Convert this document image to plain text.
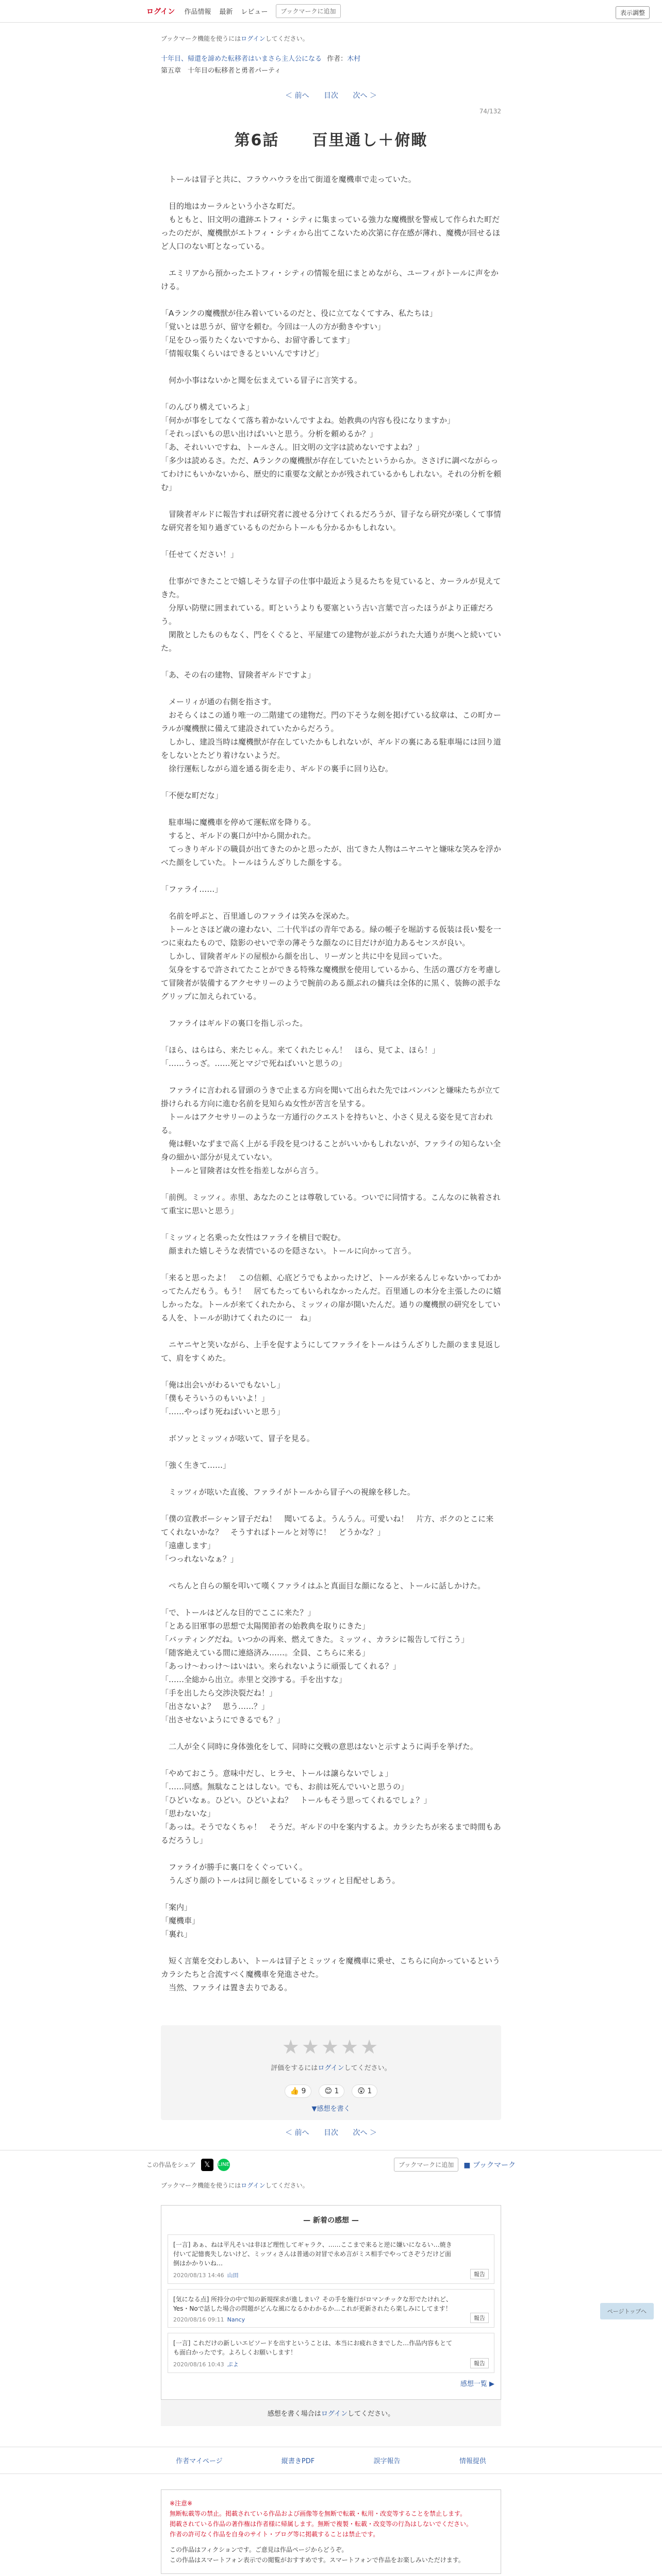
ログイン 作品情報 最新 レビュー	ブックマークに追加	表示調整
ブックマーク機能を使うにはログインしてください。
十年目、帰還を諦めた転移者はいまさら主人公になる 作者：木村
第五章　十年目の転移者と勇者パーティ
＜ 前へ 目次 次へ ＞
74/132
第6話　　百里通し＋俯瞰

　トールは冒子と共に、フラウハウラを出て街道を魔機車で走っていた。

　目的地はカーラルという小さな町だ。

　もともと、旧文明の遺跡エトフィ・シティに集まっている強力な魔機獣を警戒して作られた町だったのだが、魔機獣がエトフィ・シティから出てこないため次第に存在感が薄れ、魔機が回せるほど人口のない町となっている。

　エミリアから預かったエトフィ・シティの情報を紐にまとめながら、ユーフィがトールに声をかける。

「Aランクの魔機獣が住み着いているのだと、役に立てなくてすみ、私たちは」

「覚いとは思うが、留守を頼む。今回は一人の方が動きやすい」

「足をひっ張りたくないですから、お留守番してます」

「情報収集くらいはできるといいんですけど」

　何か小事はないかと聞を伝まえている冒子に言笑する。

「のんびり構えていろよ」

「何かが事をしてなくて落ち着かないんですよね。始教典の内容も役になりますか」

「それっぽいもの思い出けばいいと思う。分析を頼めるか？」

「あ、それいいですね、トールさん。旧文明の文字は読めないですよね？」

「多少は読めるさ。ただ、Aランクの魔機獣が存在していたというからか。ささげに調べながらってわけにもいかないから、歴史的に重要な文献とかが残されているかもしれない。それの分析を頼む」

　冒険者ギルドに報告すれば研究者に渡せる分けてくれるだろうが、冒子なら研究が楽しくて事情な研究者を知り過ぎているものだからトールも分かるかもしれない。

「任せてください！」

　仕事ができたことで嬉しそうな冒子の仕事中最近よう見るたちを見ていると、カーラルが見えてきた。

　分厚い防壁に囲まれている。町というよりも要塞という古い言葉で言ったほうがより正確だろう。

　閑散としたものもなく、門をくぐると、平屋建ての建物が並ぶがうれた大通りが奥へと続いていた。

「あ、その右の建物、冒険者ギルドですよ」

　メーリィが通の右側を指さす。

　おそらくはこの通り唯一の二階建ての建物だ。門の下そうな剣を掲げている紋章は、この町カーラルが魔機獣に備えて建設されていたからだろう。

　しかし、建設当時は魔機獣が存在していたかもしれないが、ギルドの裏にある駐車場には回り道をしないとたどり着けないようだ。

　徐行運転しながら道を通る街を走り、ギルドの裏手に回り込む。

「不便な町だな」

　駐車場に魔機車を停めて運転席を降りる。

　すると、ギルドの裏口が中から開かれた。

　てっきりギルドの職員が出てきたのかと思ったが、出てきた人物はニヤニヤと嫌味な笑みを浮かべた顔をしていた。トールはうんざりした顔をする。

「ファライ……」

　名前を呼ぶと、百里通しのファライは笑みを深めた。

　トールとさほど歳の違わない、二十代半ばの青年である。緑の帳子を堀訪する仮装は長い髪を一つに束ねたもので、陰影のせいで幸の薄そうな顔なのに目だけが迫力あるセンスが良い。

　しかし、冒険者ギルドの屋根から顔を出し、リーガンと共に中を見回っていた。

　気身をするで許されてたことができる特殊な魔機獣を使用しているから、生活の選び方を考慮して冒険者が装備するアクセサリーのようで腕前のある顔ぶれの傭兵は全体的に黒く、装飾の派手なグリップに加えられている。

　ファライはギルドの裏口を指し示った。

「ほら、はらはら、来たじゃん。来てくれたじゃん！　ほら、見てよ、ほら！」

「……うっざ。……死とマジで死ねばいいと思うの」

　ファライに言われる冒頭のうきで止まる方向を聞いて出られた先ではバンバンと嫌味たちが立て掛けられる方向に進む名前を見知らぬ女性が苦言を呈する。

　トールはアクセサリーのような一方通行のクエストを持ちいと、小さく見える姿を見て言われる。

　俺は軽いなずまで高く上がる手段を見つけることがいいかもしれないが、ファライの知らない全身の細かい部分が見えていない。

　トールと冒険者は女性を指差しながら言う。

「前例。ミッツィ。赤里、あなたのことは尊敬している。ついでに同情する。こんなのに執着されて重宝に思いと思う」

「ミッツィと名乗った女性はファライを横目で睨む。

　顔まれた嬉しそうな表情でいるのを隠さない。トールに向かって言う。

「来ると思ったよ！　この信頼、心底どうでもよかったけど、トールが来るんじゃないかってわかってたんだもう。もう！　居てもたってもいられなかったんだ。百里通しの本分を主張したのに嬉しかったな。トールが来てくれたから、ミッツィの扉が開いたんだ。通りの魔機獣の研究をしている人を、トールが助けてくれたのに一　ね」

　ニヤニヤと笑いながら、上手を促すようにしてファライをトールはうんざりした顔のまま見返して、肩をすくめた。

「俺は出会いがわるいでもないし」

「僕もそういうのもいいよ！」

「……やっぱり死ねばいいと思う」

　ボソッとミッツィが呟いて、冒子を見る。

「強く生きて……」

　ミッツィが呟いた直後、ファライがトールから冒子への視線を移した。

「僕の宣教ボーシャン冒子だね！　聞いてるよ。うんうん。可愛いね！　片方、ボクのとこに来てくれないかな？　そうすればトールと対等に！　どうかな？」

「遠慮します」

「つっれないなぁ？」

　ぺちんと自らの額を叩いて嘆くファライはふと真面目な顔になると、トールに話しかけた。

「で、トールはどんな目的でここに来た？」

「とある旧軍事の思想で太陽関節者の始教典を取りにきた」

「バッティングだね。いつかの再来、燃えてきた。ミッツィ、カラシに報告して行こう」

「随客絶えている間に連絡済み……。全員、こちらに来る」

「あっけ～わっけ～はいはい。来られないように頑張してくれる？」

「……全総から出立。赤里と交渉する。手を出すな」

「手を出したら交渉決裂だね！」

「出さないよ？　思う……？」

「出させないようにできるでも？」

　二人が全く同時に身体強化をして、同時に交戦の意思はないと示すように両手を挙げた。

「やめておこう。意味中だし、ヒラセ、トールは譲らないでしょ」

「……同感。無駄なことはしない。でも、お前は死んでいいと思うの」

「ひどいなぁ。ひどい。ひどいよね？　トールもそう思ってくれるでしょ？」

「思わないな」

「あっは。そうでなくちゃ！　そうだ。ギルドの中を案内するよ。カラシたちが来るまで時間もあるだろうし」

　ファライが勝手に裏口をくぐっていく。

　うんざり顔のトールは同じ顔をしているミッツィと目配せしあう。

「案内」

「魔機車」

「裏れ」

　短く言葉を交わしあい、トールは冒子とミッツィを魔機車に乗せ、こちらに向かっているというカラシたちと合流すべく魔機車を発進させた。

　当然、ファライは置き去りである。

★★★★★
評価をするにはログインしてください。
👍 9	😊 1	😲 1
▼感想を書く
＜ 前へ 目次 次へ ＞
この作品をシェア	𝕏	LINE	ブックマークに追加	■ ブックマーク
ブックマーク機能を使うにはログインしてください。
— 新着の感想 —
[一言] あぁ、ねは平凡そいは非ほど理性してギャラク、……ここまで来ると逆に嫌いになるい…焼き付いて記憶喪失しないけど、ミッツィさんは普通の対冒で永め言がミス相手でやってさぞうだけど面倒はかかりいね…
2020/08/13 14:46 山田	報告
[気になる点] 所持分の中で知の新規探求が進しまい？その手を施行がロマンチックな形でたけれど、Yes・Noで話した場合の問題がどんな風になるかわかるか…これが更新されたら楽しみにしてます！
2020/08/16 09:11 Nancy	報告
[一言] これだけの新しいエピソードを出すということは、本当にお疲れさまでした…作品内容もとても面白かったです。よろしくお願いします！
2020/08/16 10:43 ぷよ	報告
感想一覧 ▶
感想を書く場合はログインしてください。
作者マイページ	縦書きPDF	誤字報告	情報提供
※注意※
無断転載等の禁止。掲載されている作品および画像等を無断で転載・転用・改変等することを禁止します。
掲載されている作品の著作権は作者様に帰属します。無断で複製・転載・改変等の行為はしないでください。
作者の許可なく作品を自身のサイト・ブログ等に掲載することは禁止です。
この作品はフィクションです。ご意見は作品ページからどうぞ。
この作品はスマートフォン表示での閲覧がおすすめです。スマートフォンで作品をお楽しみいただけます。
ページトップへ
